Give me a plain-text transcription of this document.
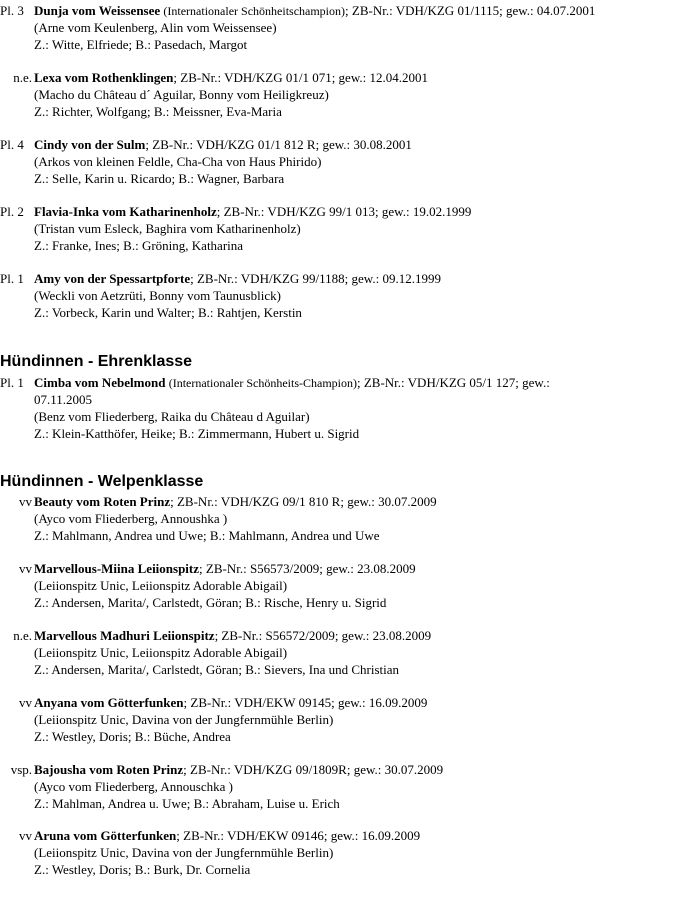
Pl. 3 Dunja vom Weissensee (Internationaler Schönheitschampion); ZB-Nr.: VDH/KZG 01/1115; gew.: 04.07.2001
(Arne vom Keulenberg, Alin vom Weissensee)
Z.: Witte, Elfriede; B.: Pasedach, Margot
n.e. Lexa vom Rothenklingen; ZB-Nr.: VDH/KZG 01/1 071; gew.: 12.04.2001
(Macho du Château d´ Aguilar, Bonny vom Heiligkreuz)
Z.: Richter, Wolfgang; B.: Meissner, Eva-Maria
Pl. 4 Cindy von der Sulm; ZB-Nr.: VDH/KZG 01/1 812 R; gew.: 30.08.2001
(Arkos von kleinen Feldle, Cha-Cha von Haus Phirido)
Z.: Selle, Karin u. Ricardo; B.: Wagner, Barbara
Pl. 2 Flavia-Inka vom Katharinenholz; ZB-Nr.: VDH/KZG 99/1 013; gew.: 19.02.1999
(Tristan vum Esleck, Baghira vom Katharinenholz)
Z.: Franke, Ines; B.: Gröning, Katharina
Pl. 1 Amy von der Spessartpforte; ZB-Nr.: VDH/KZG 99/1188; gew.: 09.12.1999
(Weckli von Aetzrüti, Bonny vom Taunusblick)
Z.: Vorbeck, Karin und Walter; B.: Rahtjen, Kerstin
Hündinnen - Ehrenklasse
Pl. 1 Cimba vom Nebelmond (Internationaler Schönheits-Champion); ZB-Nr.: VDH/KZG 05/1 127; gew.:
07.11.2005
(Benz vom Fliederberg, Raika du Château d Aguilar)
Z.: Klein-Katthöfer, Heike; B.: Zimmermann, Hubert u. Sigrid
Hündinnen - Welpenklasse
vv Beauty vom Roten Prinz; ZB-Nr.: VDH/KZG 09/1 810 R; gew.: 30.07.2009
(Ayco vom Fliederberg, Annoushka )
Z.: Mahlmann, Andrea und Uwe; B.: Mahlmann, Andrea und Uwe
vv Marvellous-Miina Leiionspitz; ZB-Nr.: S56573/2009; gew.: 23.08.2009
(Leiionspitz Unic, Leiionspitz Adorable Abigail)
Z.: Andersen, Marita/, Carlstedt, Göran; B.: Rische, Henry u. Sigrid
n.e. Marvellous Madhuri Leiionspitz; ZB-Nr.: S56572/2009; gew.: 23.08.2009
(Leiionspitz Unic, Leiionspitz Adorable Abigail)
Z.: Andersen, Marita/, Carlstedt, Göran; B.: Sievers, Ina und Christian
vv Anyana vom Götterfunken; ZB-Nr.: VDH/EKW 09145; gew.: 16.09.2009
(Leiionspitz Unic, Davina von der Jungfernmühle Berlin)
Z.: Westley, Doris; B.: Büche, Andrea
vsp. Bajousha vom Roten Prinz; ZB-Nr.: VDH/KZG 09/1809R; gew.: 30.07.2009
(Ayco vom Fliederberg, Annouschka )
Z.: Mahlman, Andrea u. Uwe; B.: Abraham, Luise u. Erich
vv Aruna vom Götterfunken; ZB-Nr.: VDH/EKW 09146; gew.: 16.09.2009
(Leiionspitz Unic, Davina von der Jungfernmühle Berlin)
Z.: Westley, Doris; B.: Burk, Dr. Cornelia
